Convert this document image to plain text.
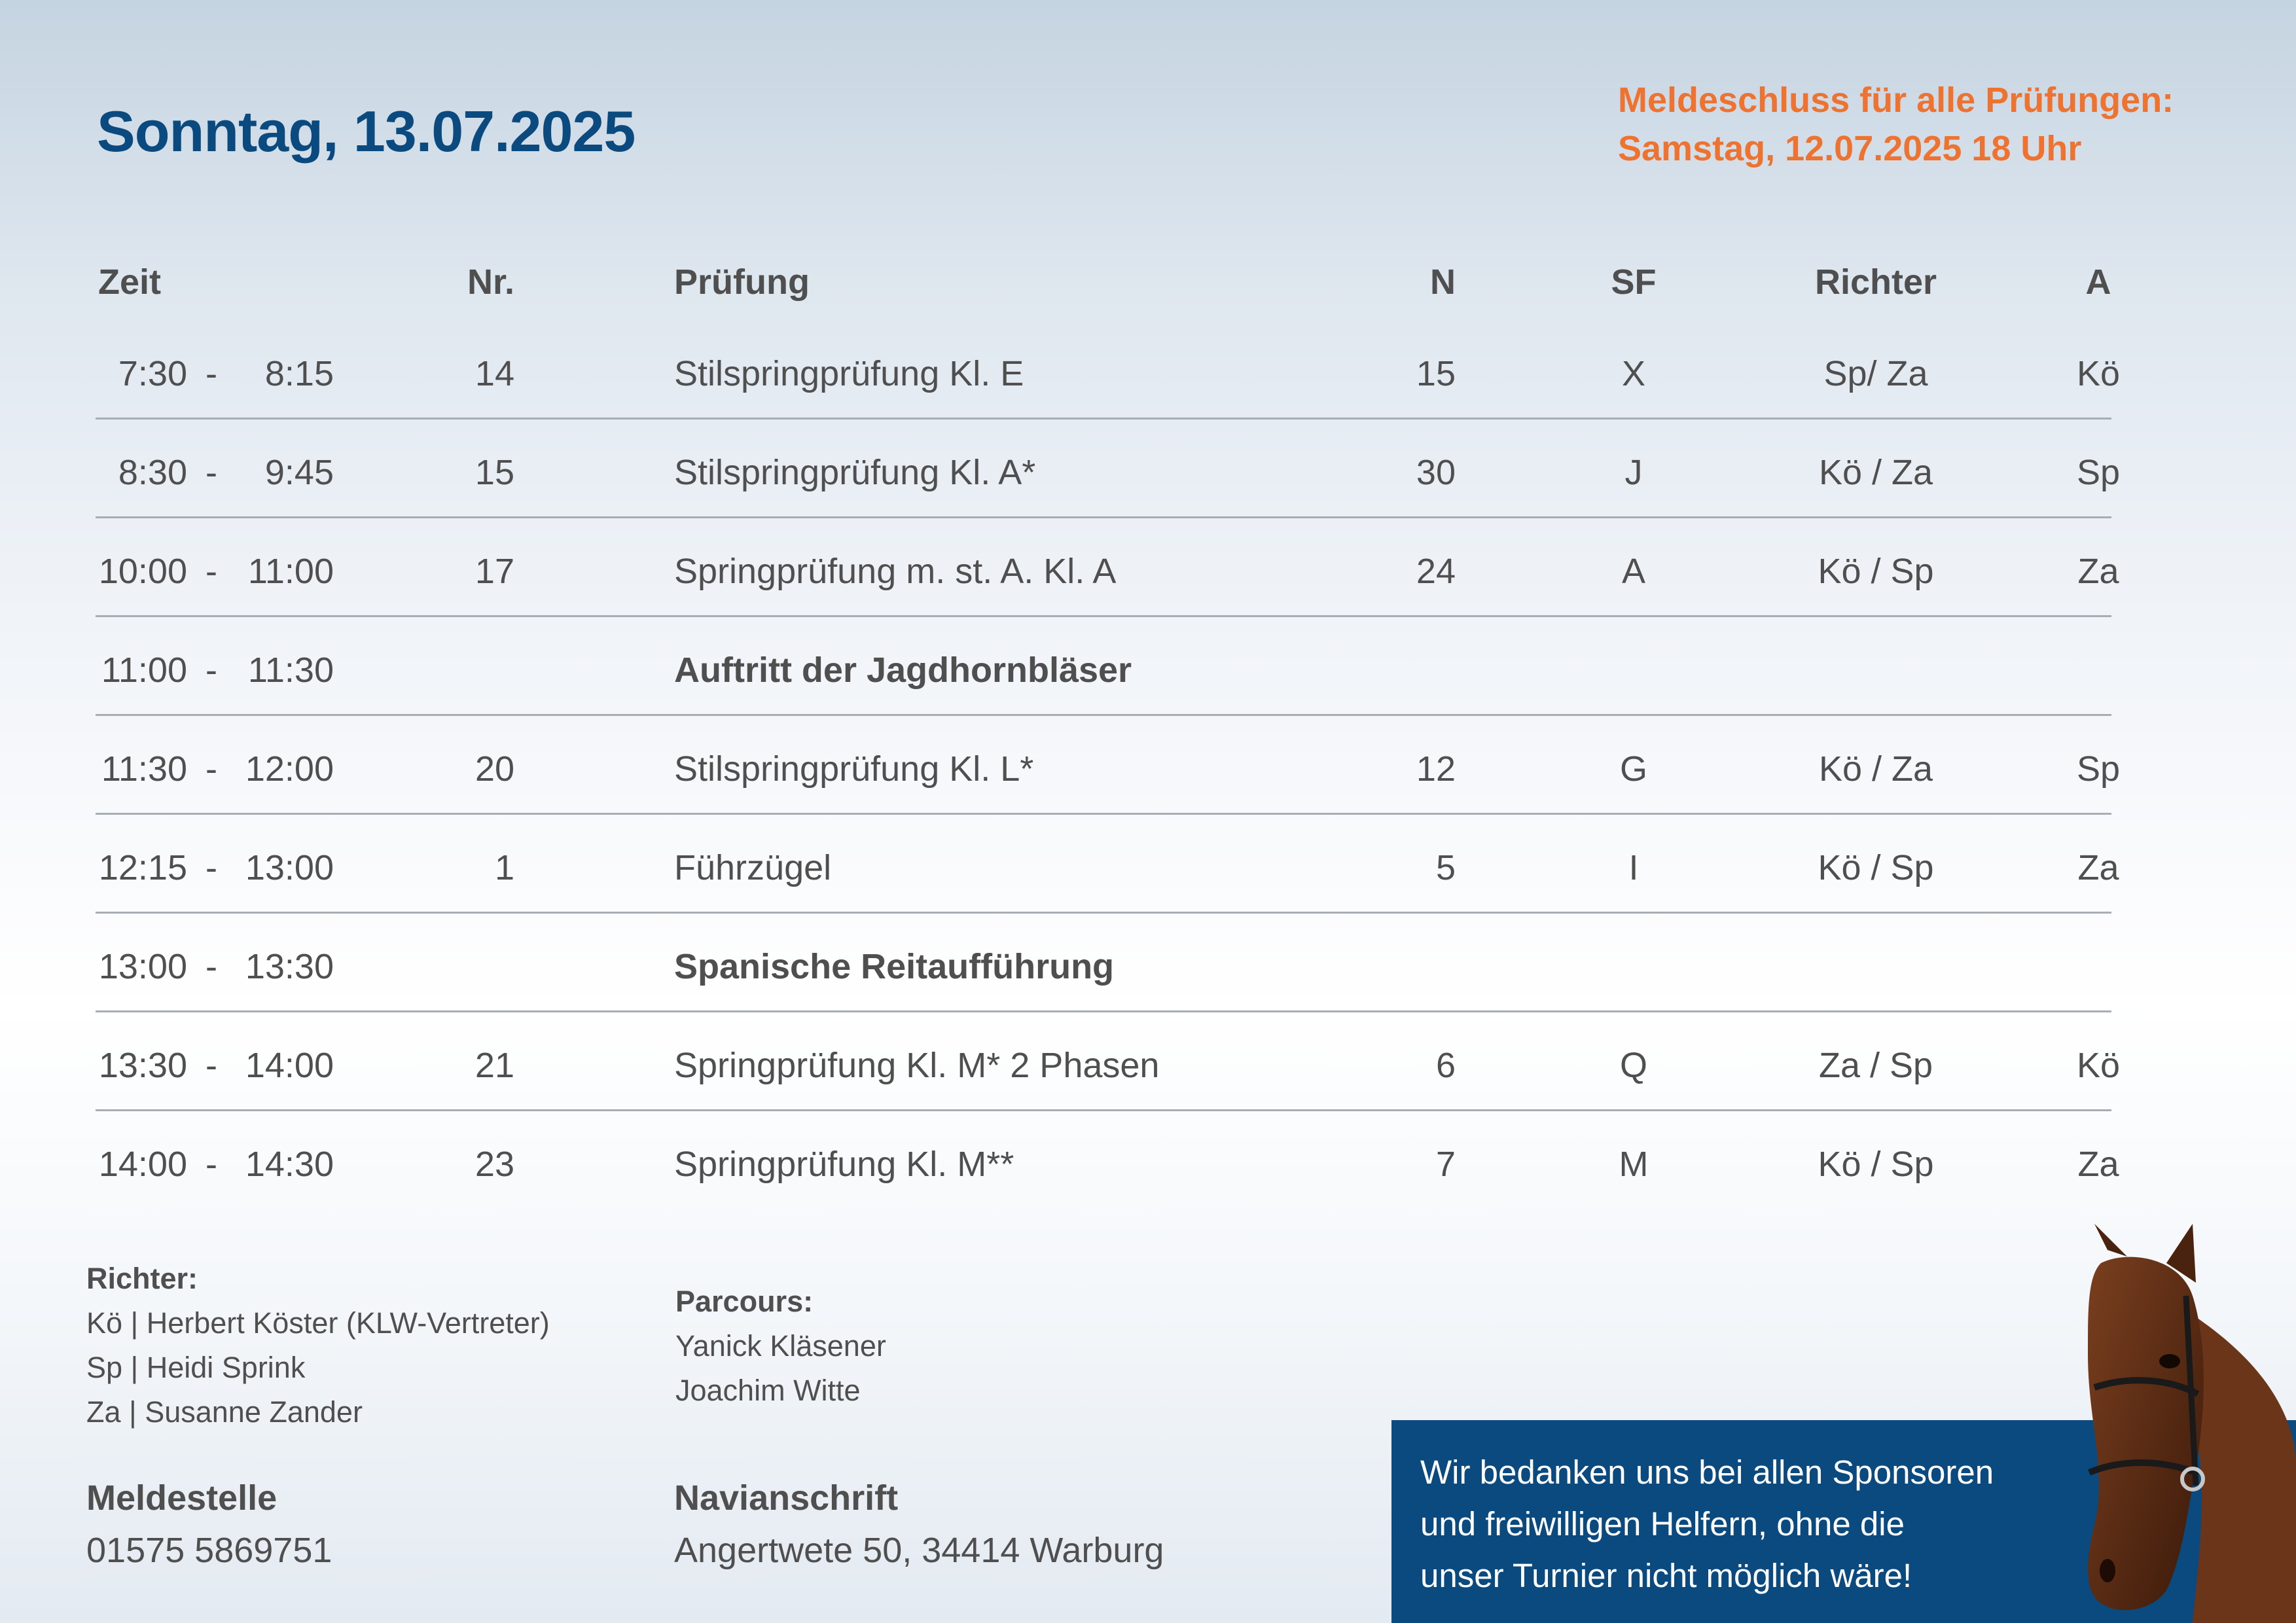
Sonntag, 13.07.2025	Meldeschluss für alle Prüfungen:
Samstag, 12.07.2025 18 Uhr
Zeit	Nr.	Prüfung	N	SF	Richter	A
7:30 -	8:15	14	Stilspringprüfung Kl. E	15	X	Sp/ Za	Kö
8:30 -	9:45	15	Stilspringprüfung Kl. A*	30	J	Kö / Za	Sp
10:00 - 11:00	17	Springprüfung m. st. A. Kl. A	24	A	Kö / Sp	Za
11:00 - 11:30	Auftritt der Jagdhornbläser
11:30 - 12:00	20	Stilspringprüfung Kl. L*	12	G	Kö / Za	Sp
12:15 - 13:00	1	Führzügel	5	I	Kö / Sp	Za
13:00 - 13:30	Spanische Reitaufführung
13:30 - 14:00	21	Springprüfung Kl. M* 2 Phasen	6	Q	Za / Sp	Kö
14:00 - 14:30	23	Springprüfung Kl. M**	7	M	Kö / Sp	Za
Richter:
Kö | Herbert Köster (KLW-Vertreter)
Sp | Heidi Sprink
Za | Susanne Zander
Parcours:
Yanick Kläsener
Joachim Witte
Meldestelle
01575 5869751
Navianschrift
Angertwete 50, 34414 Warburg
Wir bedanken uns bei allen Sponsoren
und freiwilligen Helfern, ohne die
unser Turnier nicht möglich wäre!
